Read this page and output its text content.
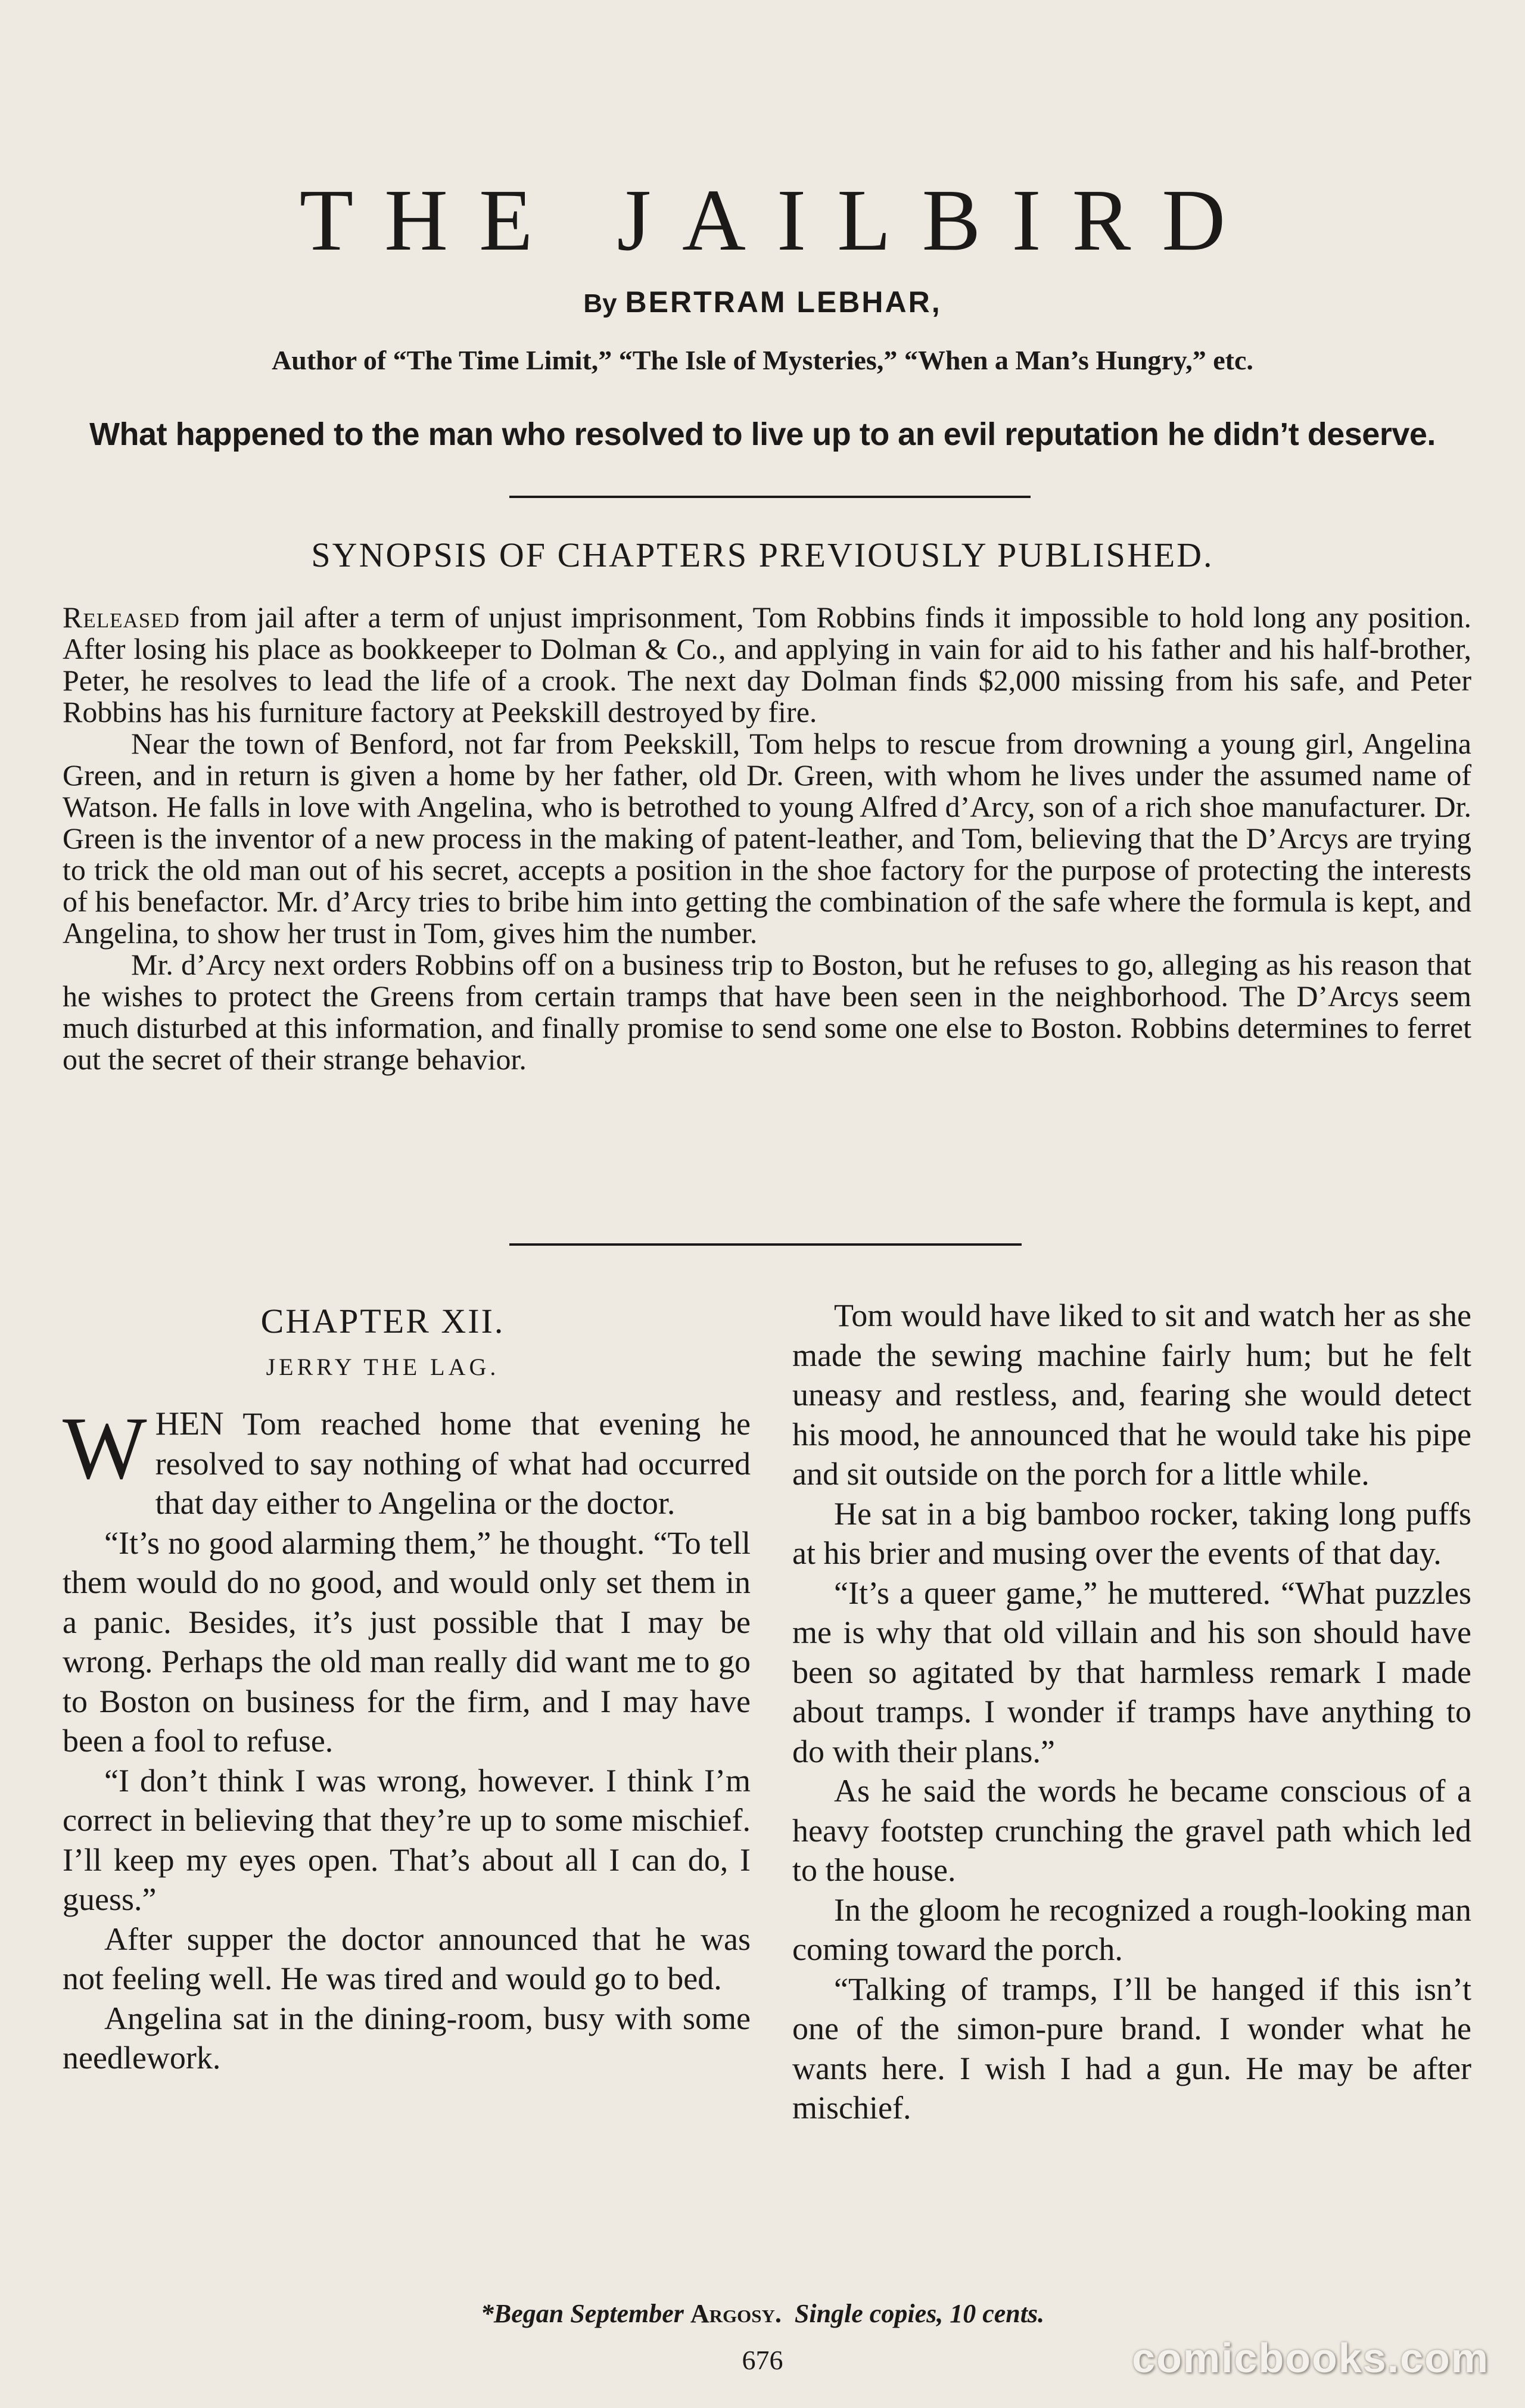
THE JAILBIRD
By BERTRAM LEBHAR,
Author of “The Time Limit,” “The Isle of Mysteries,” “When a Man’s Hungry,” etc.
What happened to the man who resolved to live up to an evil reputation he didn’t deserve.
SYNOPSIS OF CHAPTERS PREVIOUSLY PUBLISHED.

Released from jail after a term of unjust imprisonment, Tom Robbins finds it impossible to hold long any position. After losing his place as bookkeeper to Dolman & Co., and applying in vain for aid to his father and his half-brother, Peter, he resolves to lead the life of a crook. The next day Dolman finds $2,000 missing from his safe, and Peter Robbins has his furniture factory at Peekskill destroyed by fire.

Near the town of Benford, not far from Peekskill, Tom helps to rescue from drowning a young girl, Angelina Green, and in return is given a home by her father, old Dr. Green, with whom he lives under the assumed name of Watson. He falls in love with Angelina, who is betrothed to young Alfred d’Arcy, son of a rich shoe manufacturer. Dr. Green is the inventor of a new process in the making of patent-leather, and Tom, believing that the D’Arcys are trying to trick the old man out of his secret, accepts a position in the shoe factory for the purpose of protecting the interests of his benefactor. Mr. d’Arcy tries to bribe him into getting the combination of the safe where the formula is kept, and Angelina, to show her trust in Tom, gives him the number.

Mr. d’Arcy next orders Robbins off on a business trip to Boston, but he refuses to go, alleging as his reason that he wishes to protect the Greens from certain tramps that have been seen in the neighborhood. The D’Arcys seem much disturbed at this information, and finally promise to send some one else to Boston. Robbins determines to ferret out the secret of their strange behavior.

CHAPTER XII.
JERRY THE LAG.

WHEN Tom reached home that evening he resolved to say nothing of what had occurred that day either to Angelina or the doctor.

“It’s no good alarming them,” he thought. “To tell them would do no good, and would only set them in a panic. Besides, it’s just possible that I may be wrong. Perhaps the old man really did want me to go to Boston on business for the firm, and I may have been a fool to refuse.

“I don’t think I was wrong, however. I think I’m correct in believing that they’re up to some mischief. I’ll keep my eyes open. That’s about all I can do, I guess.”

After supper the doctor announced that he was not feeling well. He was tired and would go to bed.

Angelina sat in the dining-room, busy with some needlework.

Tom would have liked to sit and watch her as she made the sewing machine fairly hum; but he felt uneasy and restless, and, fearing she would detect his mood, he announced that he would take his pipe and sit outside on the porch for a little while.

He sat in a big bamboo rocker, taking long puffs at his brier and musing over the events of that day.

“It’s a queer game,” he muttered. “What puzzles me is why that old villain and his son should have been so agitated by that harmless remark I made about tramps. I wonder if tramps have anything to do with their plans.”

As he said the words he became conscious of a heavy footstep crunching the gravel path which led to the house.

In the gloom he recognized a rough-looking man coming toward the porch.

“Talking of tramps, I’ll be hanged if this isn’t one of the simon-pure brand. I wonder what he wants here. I wish I had a gun. He may be after mischief.

*Began September Argosy. Single copies, 10 cents.
676	comicbooks.com
